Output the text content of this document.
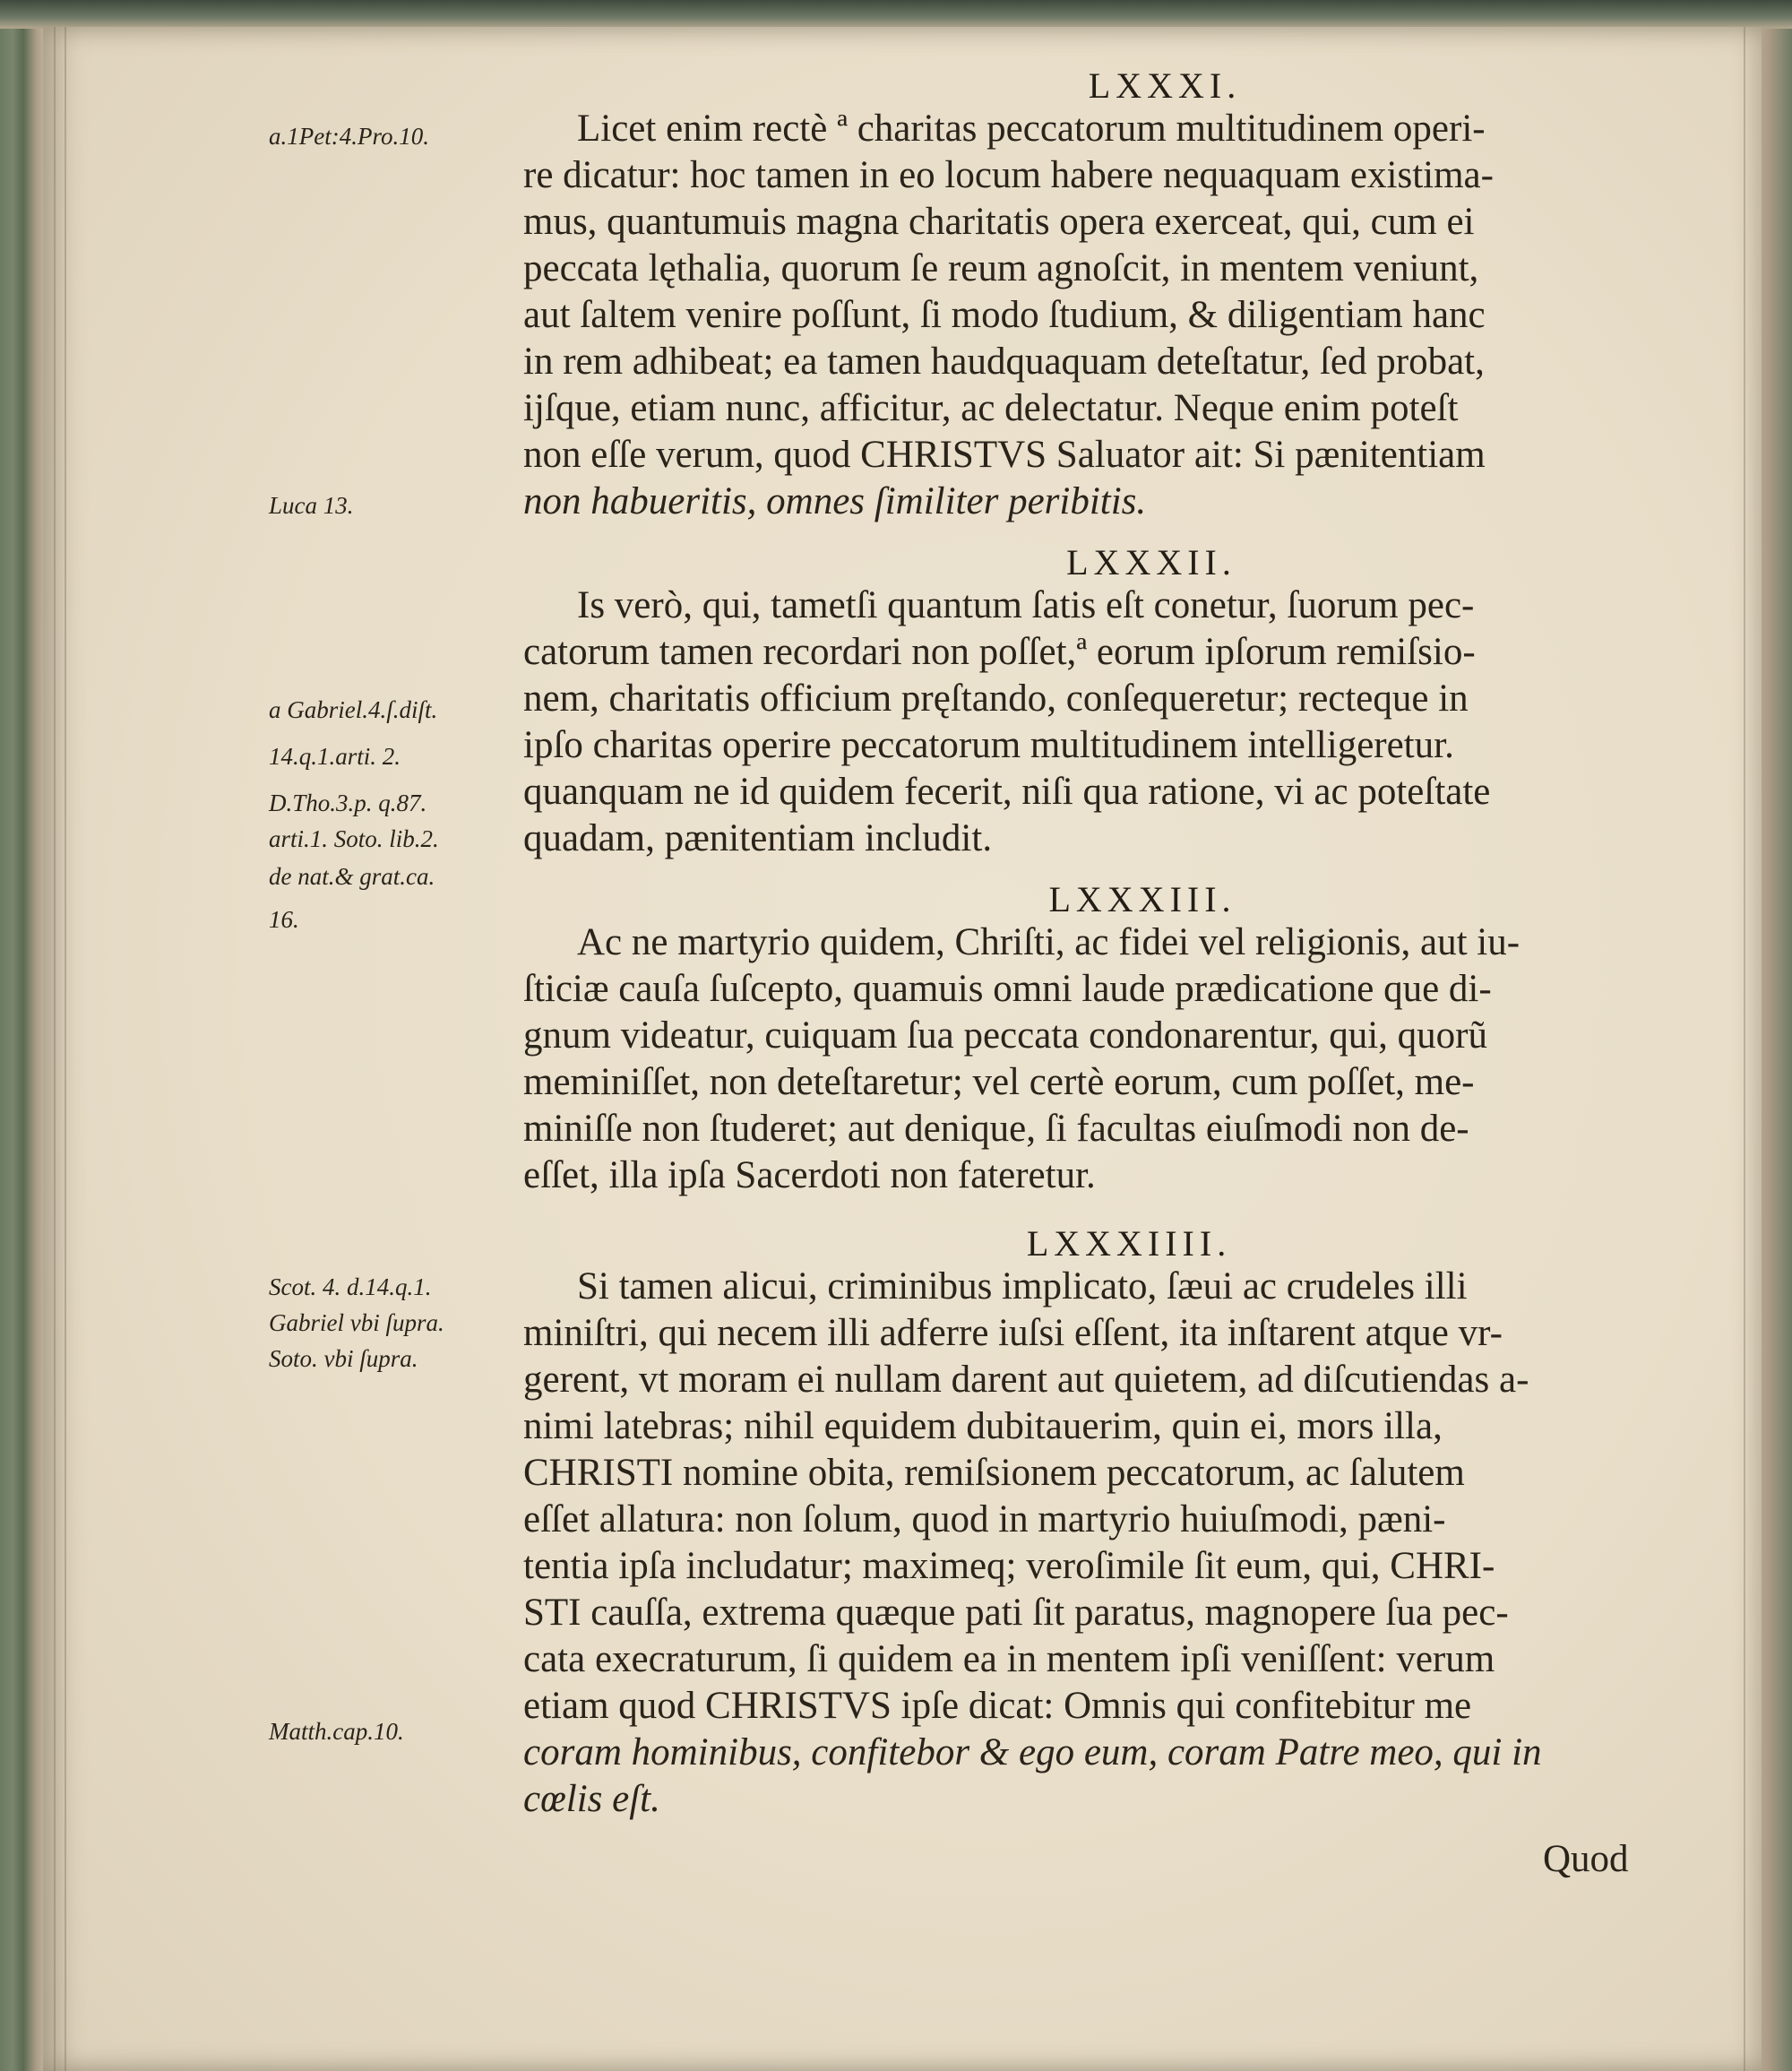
LXXXI.
Licet enim rectè ª charitas peccatorum multitudinem operi-
re dicatur: hoc tamen in eo locum habere nequaquam existima-
mus, quantumuis magna charitatis opera exerceat, qui, cum ei
peccata lęthalia, quorum ſe reum agnoſcit, in mentem veniunt,
aut ſaltem venire poſſunt, ſi modo ſtudium, & diligentiam hanc
in rem adhibeat; ea tamen haudquaquam deteſtatur, ſed probat,
ijſque, etiam nunc, afficitur, ac delectatur. Neque enim poteſt
non eſſe verum, quod CHRISTVS Saluator ait: Si pænitentiam
non habueritis, omnes ſimiliter peribitis.
LXXXII.
Is verò, qui, tametſi quantum ſatis eſt conetur, ſuorum pec-
catorum tamen recordari non poſſet,ª eorum ipſorum remiſsio-
nem, charitatis officium pręſtando, conſequeretur; recteque in
ipſo charitas operire peccatorum multitudinem intelligeretur.
quanquam ne id quidem fecerit, niſi qua ratione, vi ac poteſtate
quadam, pænitentiam includit.
LXXXIII.
Ac ne martyrio quidem, Chriſti, ac fidei vel religionis, aut iu-
ſticiæ cauſa ſuſcepto, quamuis omni laude prædicatione que di-
gnum videatur, cuiquam ſua peccata condonarentur, qui, quorũ
meminiſſet, non deteſtaretur; vel certè eorum, cum poſſet, me-
miniſſe non ſtuderet; aut denique, ſi facultas eiuſmodi non de-
eſſet, illa ipſa Sacerdoti non fateretur.
LXXXIIII.
Si tamen alicui, criminibus implicato, ſæui ac crudeles illi
miniſtri, qui necem illi adferre iuſsi eſſent, ita inſtarent atque vr-
gerent, vt moram ei nullam darent aut quietem, ad diſcutiendas a-
nimi latebras; nihil equidem dubitauerim, quin ei, mors illa,
CHRISTI nomine obita, remiſsionem peccatorum, ac ſalutem
eſſet allatura: non ſolum, quod in martyrio huiuſmodi, pæni-
tentia ipſa includatur; maximeq; veroſimile ſit eum, qui, CHRI-
STI cauſſa, extrema quæque pati ſit paratus, magnopere ſua pec-
cata execraturum, ſi quidem ea in mentem ipſi veniſſent: verum
etiam quod CHRISTVS ipſe dicat: Omnis qui confitebitur me
coram hominibus, confitebor & ego eum, coram Patre meo, qui in
cœlis eſt.
Quod
a.1Pet:4.Pro.10.
Luca 13.
a Gabriel.4.ſ.diſt.
14.q.1.arti. 2.
D.Tho.3.p. q.87.
arti.1. Soto. lib.2.
de nat.& grat.ca.
16.
Scot. 4. d.14.q.1.
Gabriel vbi ſupra.
Soto. vbi ſupra.
Matth.cap.10.
